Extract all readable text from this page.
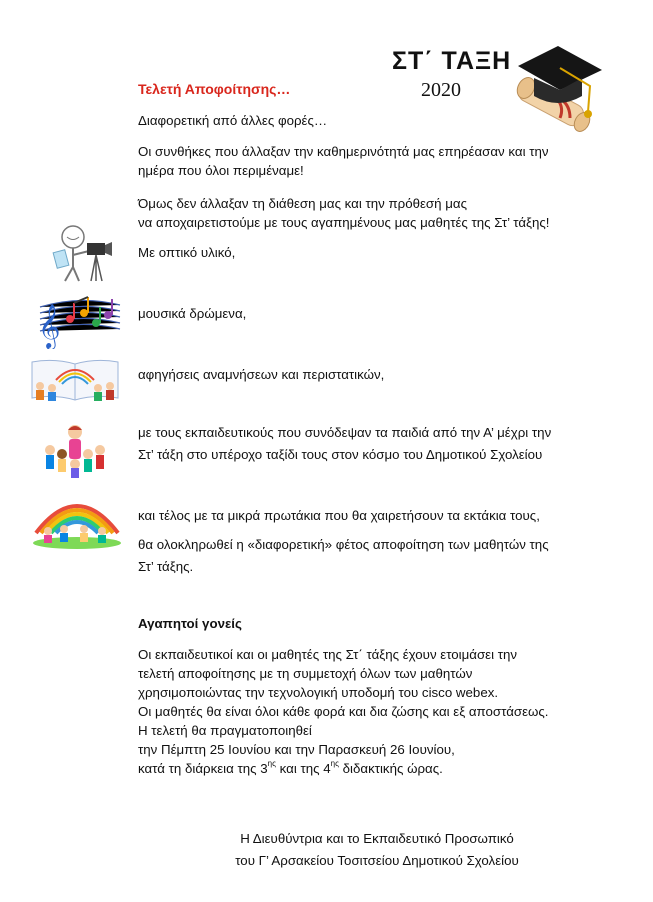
ΣΤ΄ ΤΑΞΗ
2020
Τελετή Αποφοίτησης…
Διαφορετική από άλλες φορές…
Οι συνθήκες που άλλαξαν την καθημερινότητά μας επηρέασαν και την
ημέρα που όλοι περιμέναμε!
Όμως δεν άλλαξαν τη διάθεση μας και την πρόθεσή μας
να αποχαιρετιστούμε με τους αγαπημένους μας μαθητές της Στ’ τάξης!
Με οπτικό υλικό,
𝄞	μουσικά δρώμενα,
αφηγήσεις αναμνήσεων και περιστατικών,
με τους εκπαιδευτικούς που συνόδεψαν τα παιδιά από την Α’ μέχρι την
Στ’ τάξη στο υπέροχο ταξίδι τους στον κόσμο του Δημοτικού Σχολείου
και τέλος με τα μικρά πρωτάκια που θα χαιρετήσουν τα εκτάκια τους,
θα ολοκληρωθεί η «διαφορετική» φέτος αποφοίτηση των μαθητών της
Στ’ τάξης.
Αγαπητοί γονείς
Οι εκπαιδευτικοί και οι μαθητές της Στ΄ τάξης έχουν ετοιμάσει την
τελετή αποφοίτησης με τη συμμετοχή όλων των μαθητών
χρησιμοποιώντας την τεχνολογική υποδομή του cisco webex.
Οι μαθητές θα είναι όλοι κάθε φορά και δια ζώσης και εξ αποστάσεως.
Η τελετή θα πραγματοποιηθεί
την Πέμπτη 25 Ιουνίου και την Παρασκευή 26 Ιουνίου,
κατά τη διάρκεια της $3^{\eta\varsigma}$ και της $4^{\eta\varsigma}$ διδακτικής ώρας.
Η Διευθύντρια και το Εκπαιδευτικό Προσωπικό
του Γ’ Αρσακείου Τοσιτσείου Δημοτικού Σχολείου
